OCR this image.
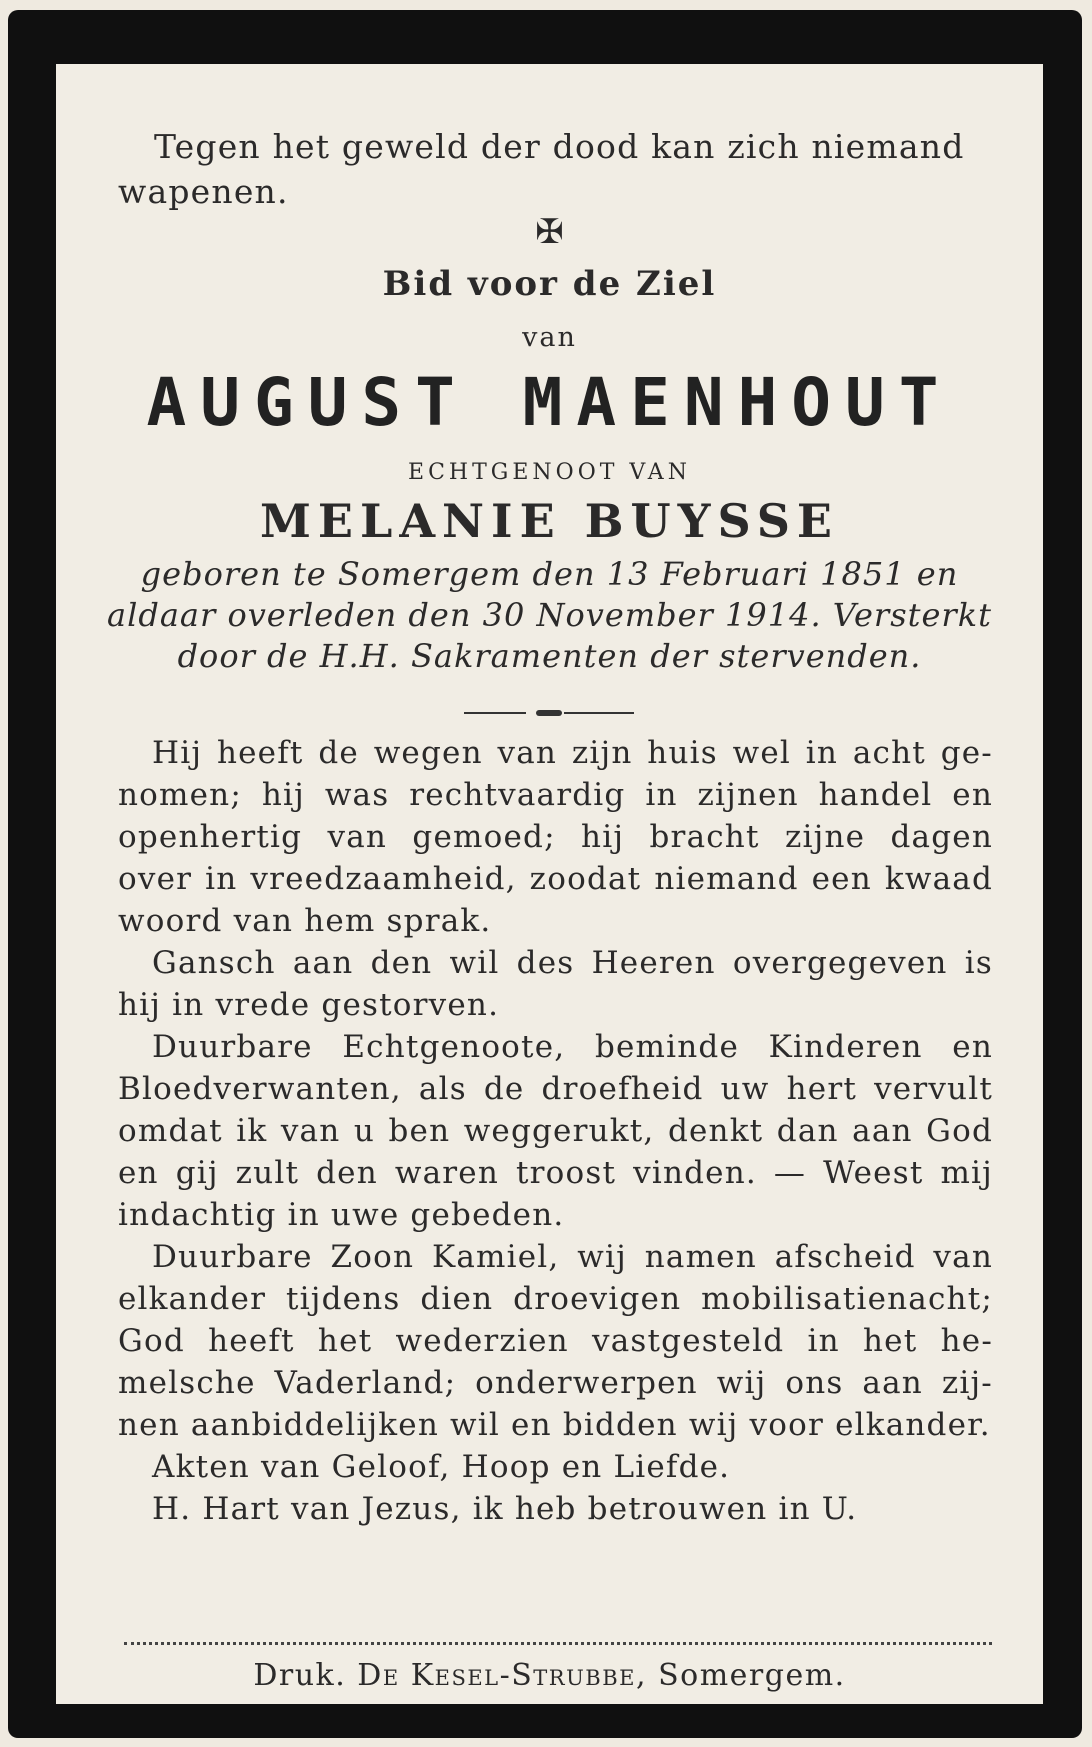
Tegen het geweld der dood kan zich niemand
wapenen.
✠
Bid voor de Ziel
van
AUGUST MAENHOUT
ECHTGENOOT VAN
MELANIE BUYSSE
geboren te Somergem den 13 Februari 1851 en
aldaar overleden den 30 November 1914. Versterkt
door de H.H. Sakramenten der stervenden.
Hij heeft de wegen van zijn huis wel in acht ge-
nomen; hij was rechtvaardig in zijnen handel en
openhertig van gemoed; hij bracht zijne dagen
over in vreedzaamheid, zoodat niemand een kwaad
woord van hem sprak.
Gansch aan den wil des Heeren overgegeven is
hij in vrede gestorven.
Duurbare Echtgenoote, beminde Kinderen en
Bloedverwanten, als de droefheid uw hert vervult
omdat ik van u ben weggerukt, denkt dan aan God
en gij zult den waren troost vinden. — Weest mij
indachtig in uwe gebeden.
Duurbare Zoon Kamiel, wij namen afscheid van
elkander tijdens dien droevigen mobilisatienacht;
God heeft het wederzien vastgesteld in het he-
melsche Vaderland; onderwerpen wij ons aan zij-
nen aanbiddelijken wil en bidden wij voor elkander.
Akten van Geloof, Hoop en Liefde.
H. Hart van Jezus, ik heb betrouwen in U.
Druk. De Kesel-Strubbe, Somergem.
